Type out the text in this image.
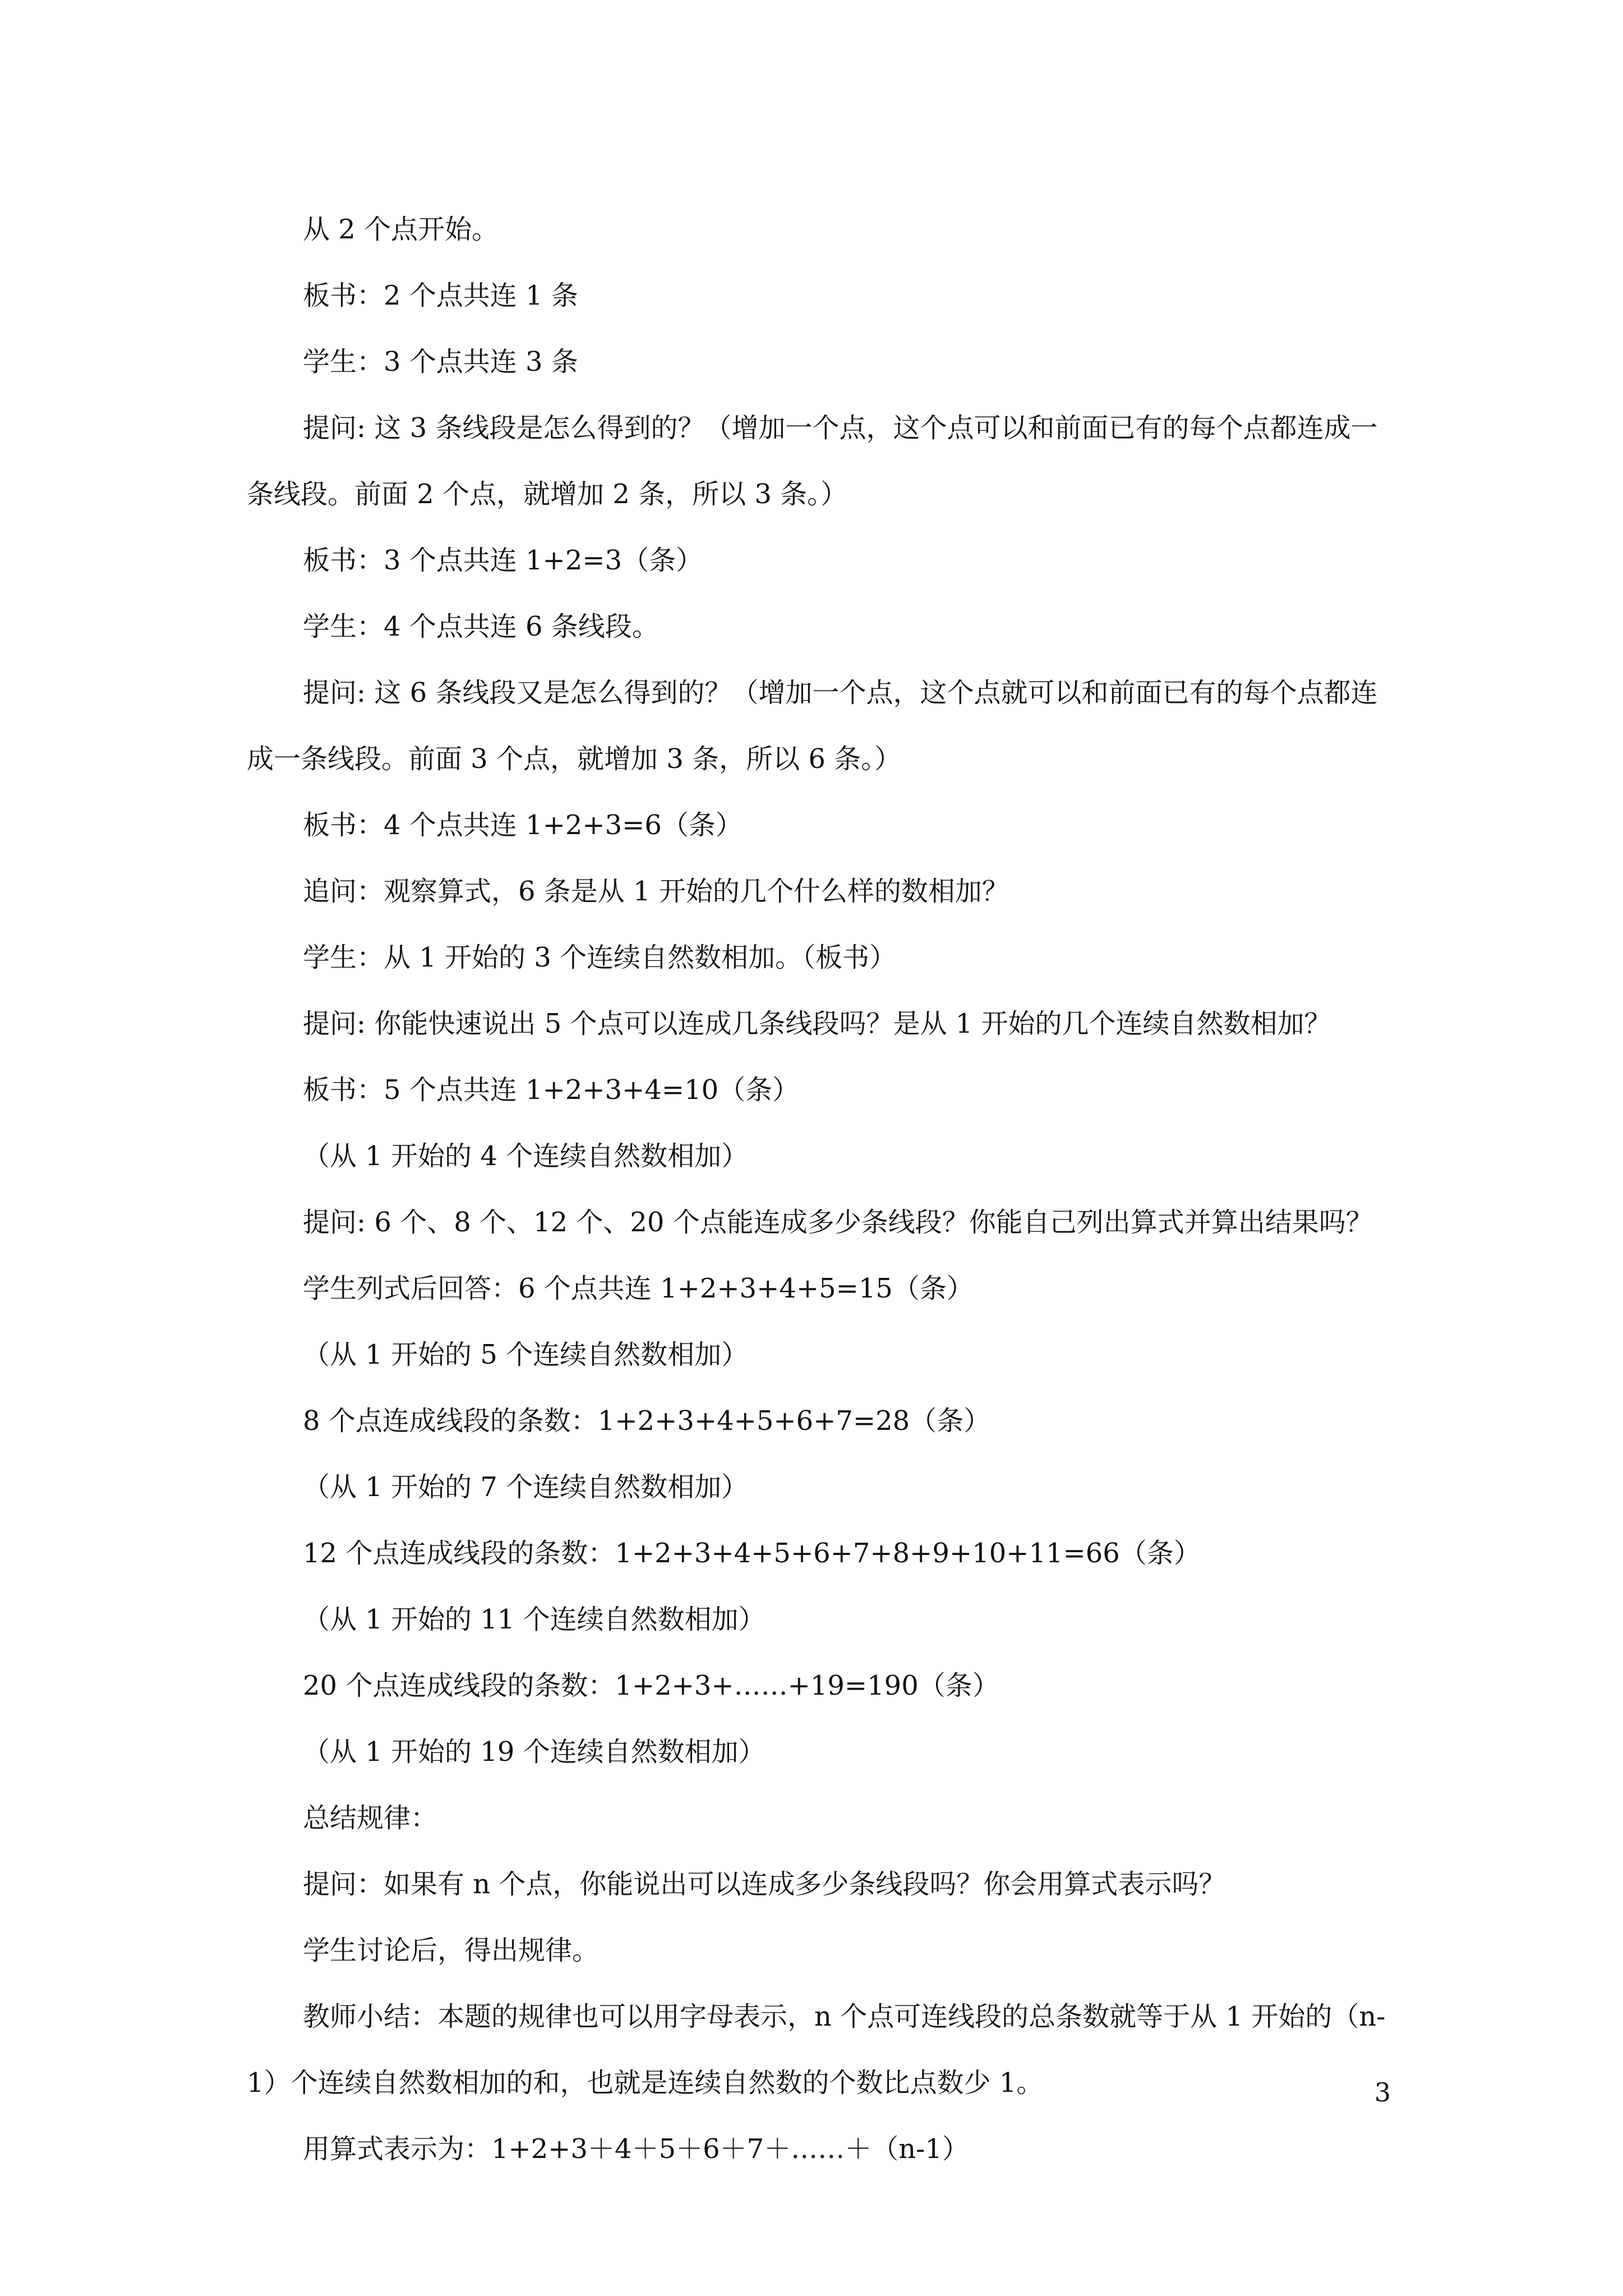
从 2 个点开始。

板书：2 个点共连 1 条

学生：3 个点共连 3 条

提问: 这 3 条线段是怎么得到的？（增加一个点，这个点可以和前面已有的每个点都连成一条线段。前面 2 个点，就增加 2 条，所以 3 条。）

板书：3 个点共连 1+2=3（条）

学生：4 个点共连 6 条线段。

提问: 这 6 条线段又是怎么得到的？（增加一个点，这个点就可以和前面已有的每个点都连成一条线段。前面 3 个点，就增加 3 条，所以 6 条。）

板书：4 个点共连 1+2+3=6（条）

追问：观察算式，6 条是从 1 开始的几个什么样的数相加？

学生：从 1 开始的 3 个连续自然数相加。（板书）

提问: 你能快速说出 5 个点可以连成几条线段吗？是从 1 开始的几个连续自然数相加？

板书：5 个点共连 1+2+3+4=10（条）

（从 1 开始的 4 个连续自然数相加）

提问: 6 个、8 个、12 个、20 个点能连成多少条线段？你能自己列出算式并算出结果吗？

学生列式后回答：6 个点共连 1+2+3+4+5=15（条）

（从 1 开始的 5 个连续自然数相加）

8 个点连成线段的条数：1+2+3+4+5+6+7=28（条）

（从 1 开始的 7 个连续自然数相加）

12 个点连成线段的条数：1+2+3+4+5+6+7+8+9+10+11=66（条）

（从 1 开始的 11 个连续自然数相加）

20 个点连成线段的条数：1+2+3+……+19=190（条）

（从 1 开始的 19 个连续自然数相加）

总结规律：

提问：如果有 n 个点，你能说出可以连成多少条线段吗？你会用算式表示吗？

学生讨论后，得出规律。

教师小结：本题的规律也可以用字母表示，n 个点可连线段的总条数就等于从 1 开始的（n-1）个连续自然数相加的和，也就是连续自然数的个数比点数少 1。

用算式表示为：1+2+3＋4＋5＋6＋7＋……＋（n-1）

3
